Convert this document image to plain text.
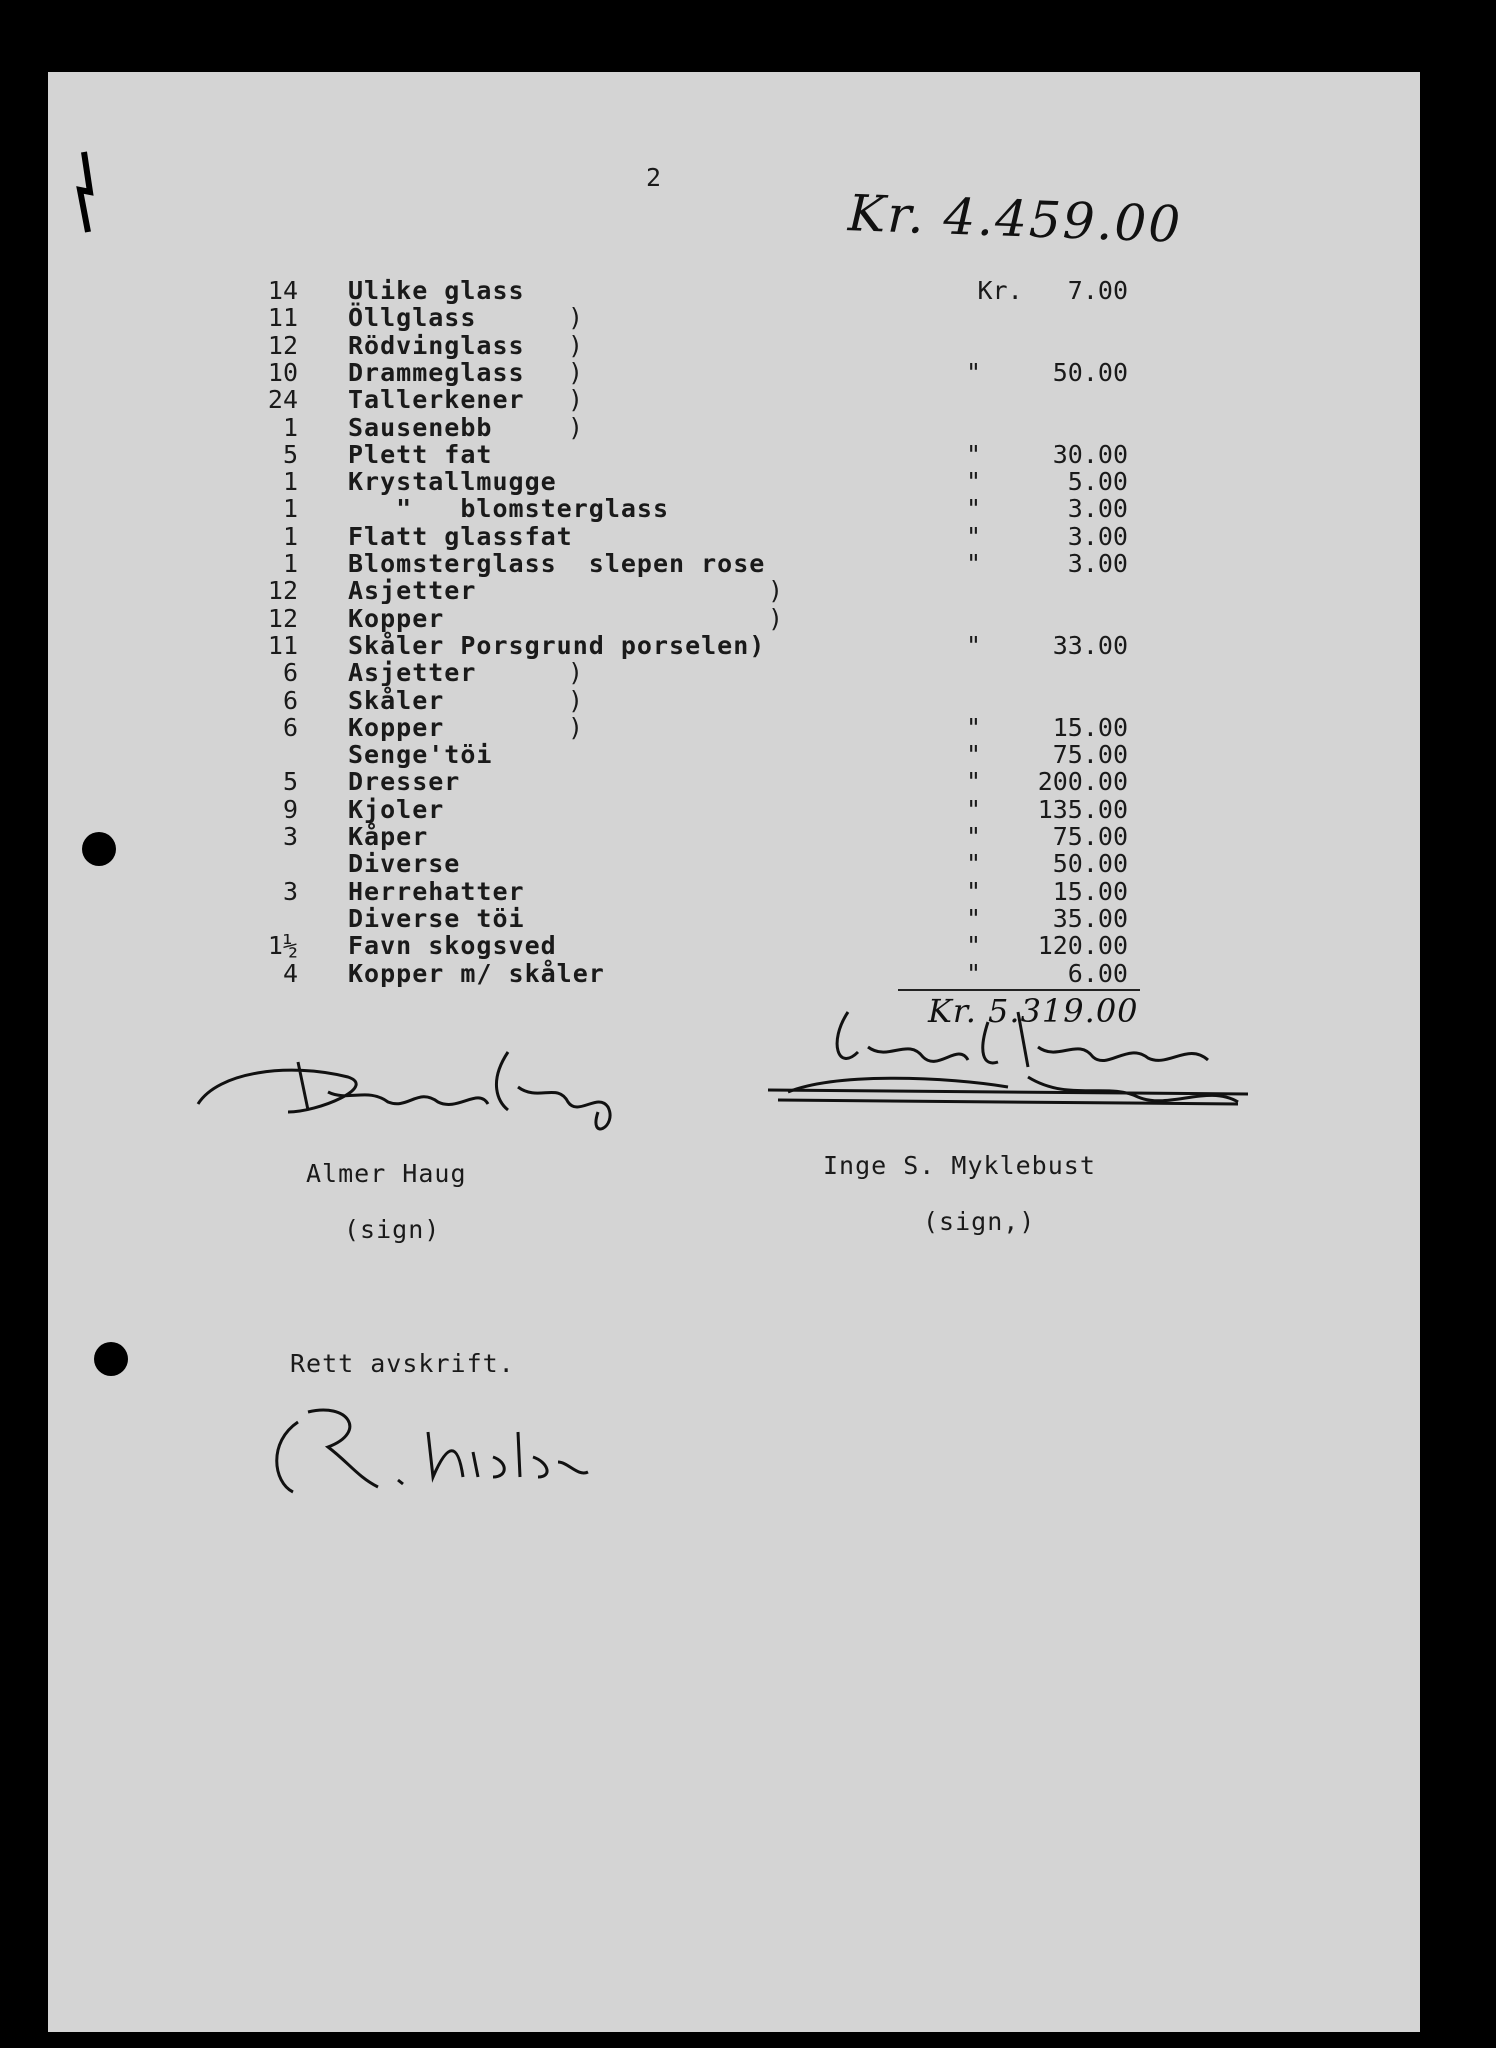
2
Kr. 4.459.00
14 Ulike glass	Kr.   7.00
11 Öllglass	)
12 Rödvinglass )
10 Drammeglass )	"	50.00
24 Tallerkener )
1 Sausenebb	)
5 Plett fat	"	30.00
1 Krystallmugge	"	5.00
1 "   blomsterglass	"	3.00
1 Flatt glassfat	"	3.00
1 Blomsterglass  slepen rose	"	3.00
12 Asjetter	)
12 Kopper	)
11 Skåler Porsgrund porselen)	"	33.00
6 Asjetter	)
6 Skåler	)
6 Kopper	)	"	15.00
Senge'töi	"	75.00
5 Dresser	"	200.00
9 Kjoler	"	135.00
3 Kåper	"	75.00
Diverse	"	50.00
3 Herrehatter	"	15.00
Diverse töi	"	35.00
1½ Favn skogsved	"	120.00
4 Kopper m/ skåler	"	6.00
Kr. 5.319.00
Almer Haug
(sign)
Inge S. Myklebust
(sign,)
Rett avskrift.
